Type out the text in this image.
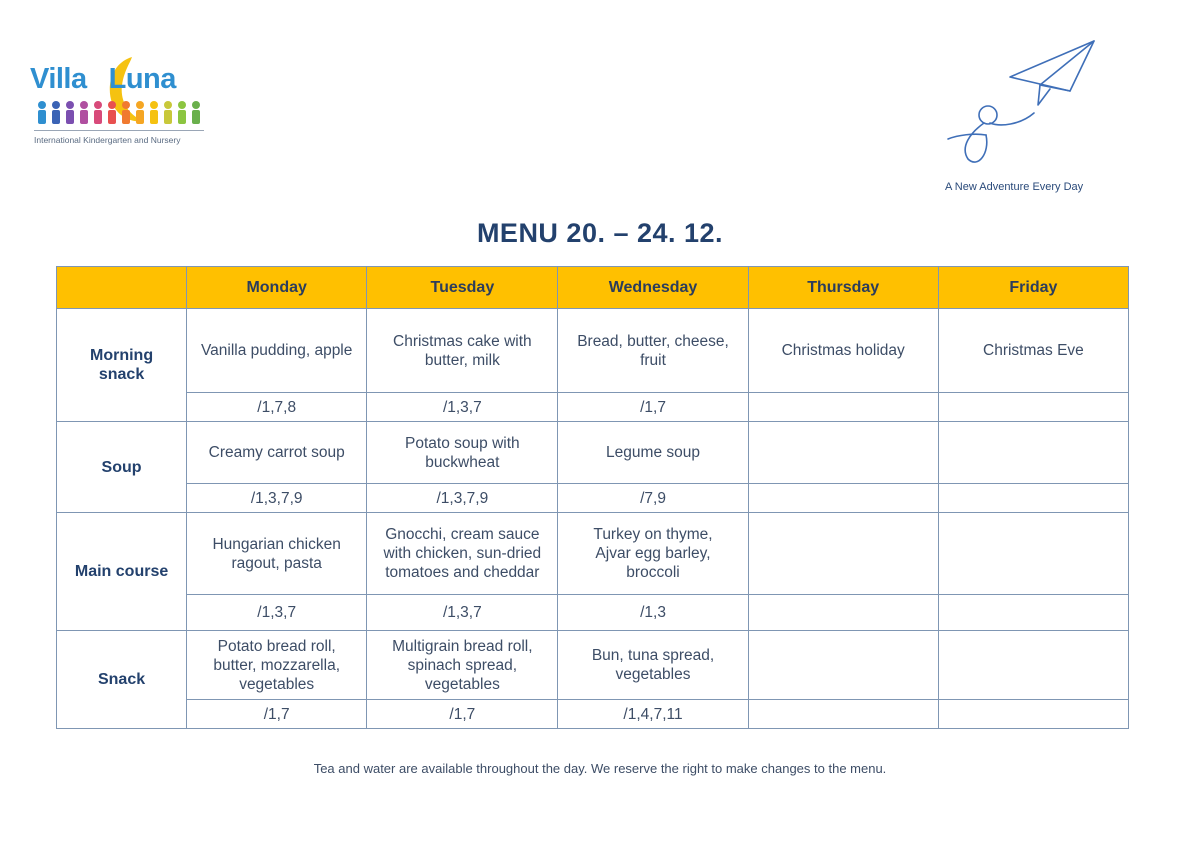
Villa Luna
International Kindergarten and Nursery
A New Adventure Every Day
MENU 20. – 24. 12.
	Monday	Tuesday	Wednesday	Thursday	Friday
Morning snack	Vanilla pudding, apple	Christmas cake with butter, milk	Bread, butter, cheese, fruit	Christmas holiday	Christmas Eve
	/1,7,8	/1,3,7	/1,7		
Soup	Creamy carrot soup	Potato soup with buckwheat	Legume soup		
	/1,3,7,9	/1,3,7,9	/7,9		
Main course	Hungarian chicken ragout, pasta	Gnocchi, cream sauce with chicken, sun-dried tomatoes and cheddar	Turkey on thyme, Ajvar egg barley, broccoli		
	/1,3,7	/1,3,7	/1,3		
Snack	Potato bread roll, butter, mozzarella, vegetables	Multigrain bread roll, spinach spread, vegetables	Bun, tuna spread, vegetables		
	/1,7	/1,7	/1,4,7,11		
Tea and water are available throughout the day. We reserve the right to make changes to the menu.
